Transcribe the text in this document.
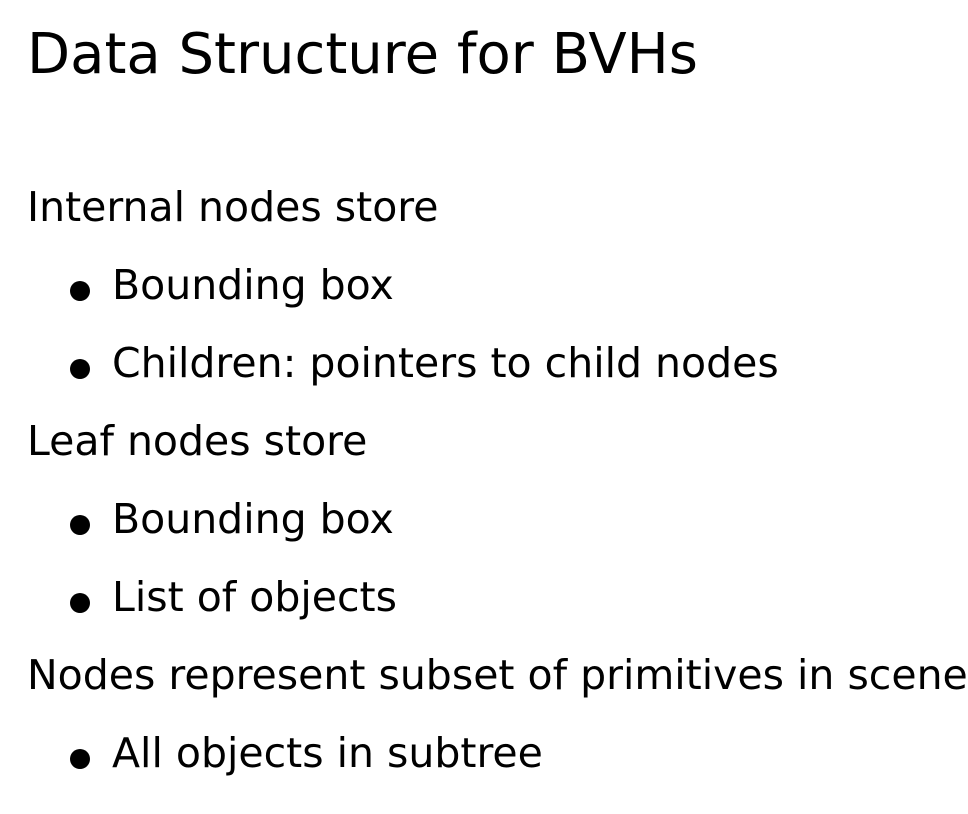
Data Structure for BVHs
Internal nodes store
Bounding box
Children: pointers to child nodes
Leaf nodes store
Bounding box
List of objects
Nodes represent subset of primitives in scene
All objects in subtree
